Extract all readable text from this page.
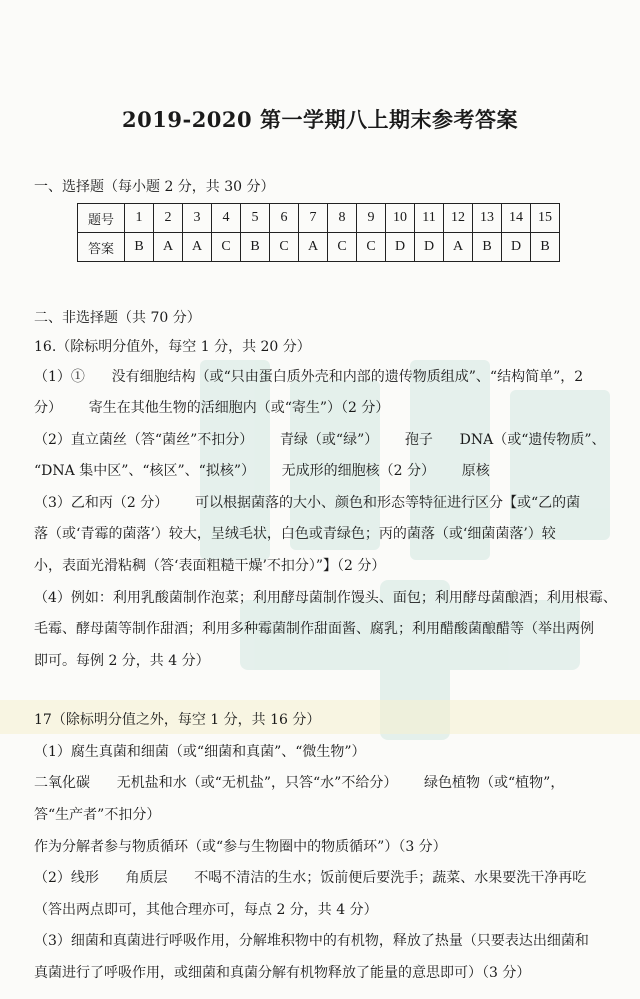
2019-2020 第一学期八上期末参考答案
一、选择题（每小题 2 分，共 30 分）
题号	1	2	3	4	5	6	7	8	9	10	11	12	13	14	15
答案	B	A	A	C	B	C	A	C	C	D	D	A	B	D	B
二、非选择题（共 70 分）
16.（除标明分值外，每空 1 分，共 20 分）
（1）①      没有细胞结构（或“只由蛋白质外壳和内部的遗传物质组成”、“结构简单”，2
分）      寄生在其他生物的活细胞内（或“寄生”）（2 分）
（2）直立菌丝（答“菌丝”不扣分）      青绿（或“绿”）      孢子      DNA（或“遗传物质”、
“DNA 集中区”、“核区”、“拟核”）      无成形的细胞核（2 分）      原核
（3）乙和丙（2 分）      可以根据菌落的大小、颜色和形态等特征进行区分【或“乙的菌
落（或‘青霉的菌落’）较大，呈绒毛状，白色或青绿色；丙的菌落（或‘细菌菌落’）较
小，表面光滑粘稠（答‘表面粗糙干燥’不扣分）”】（2 分）
（4）例如：利用乳酸菌制作泡菜；利用酵母菌制作馒头、面包；利用酵母菌酿酒；利用根霉、
毛霉、酵母菌等制作甜酒；利用多种霉菌制作甜面酱、腐乳；利用醋酸菌酿醋等（举出两例
即可。每例 2 分，共 4 分）
17（除标明分值之外，每空 1 分，共 16 分）
（1）腐生真菌和细菌（或“细菌和真菌”、“微生物”）
二氧化碳      无机盐和水（或“无机盐”，只答“水”不给分）      绿色植物（或“植物”，
答“生产者”不扣分）
作为分解者参与物质循环（或“参与生物圈中的物质循环”）（3 分）
（2）线形      角质层      不喝不清洁的生水；饭前便后要洗手；蔬菜、水果要洗干净再吃
（答出两点即可，其他合理亦可，每点 2 分，共 4 分）
（3）细菌和真菌进行呼吸作用，分解堆积物中的有机物，释放了热量（只要表达出细菌和
真菌进行了呼吸作用，或细菌和真菌分解有机物释放了能量的意思即可）（3 分）
